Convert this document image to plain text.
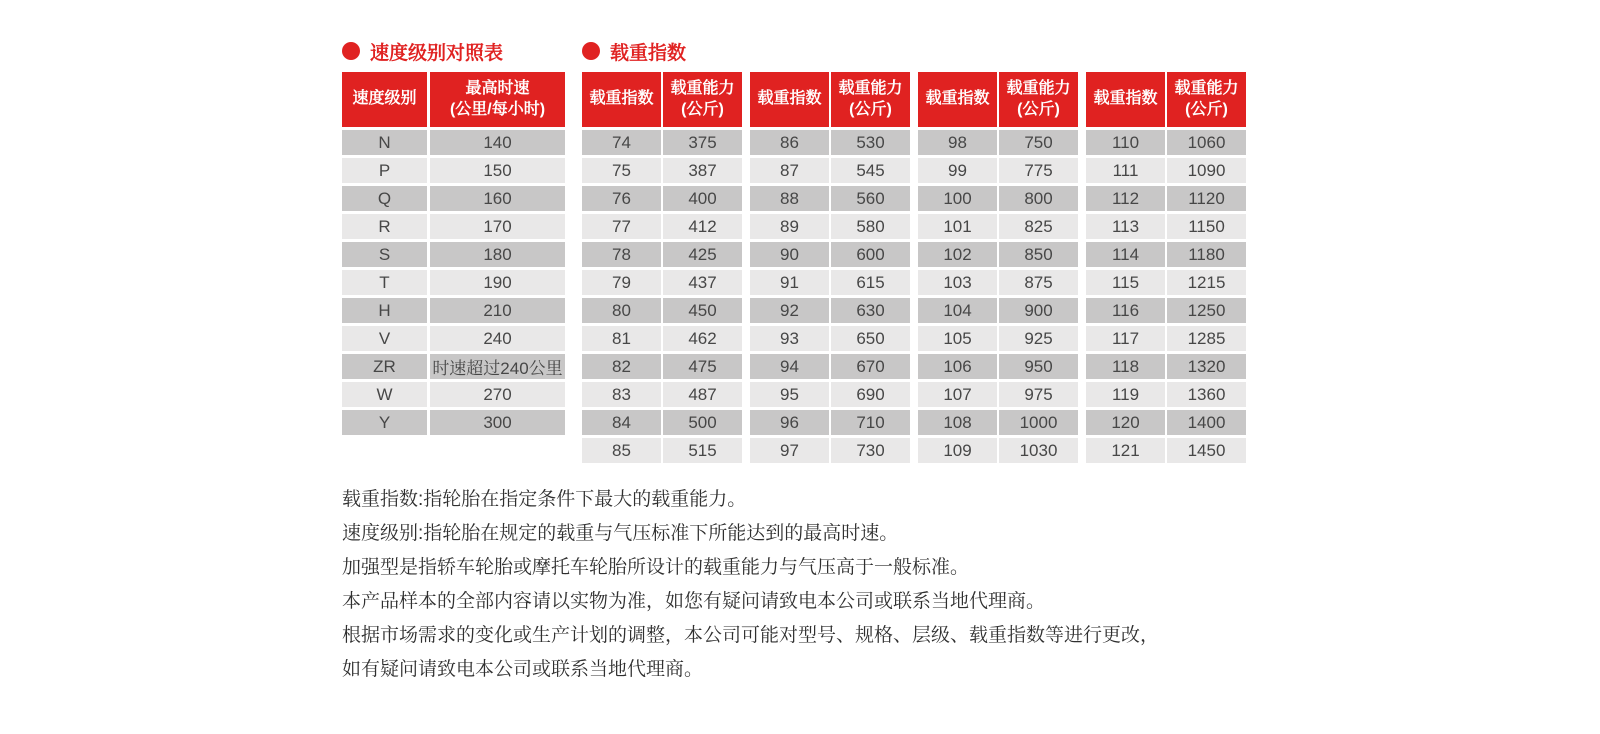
速度级别对照表
速度级别
最高时速
(公里/每小时)
N	140
P	150
Q	160
R	170
S	180
T	190
H	210
V	240
ZR	时速超过240公里
W	270
Y	300
载重指数
载重指数
载重能力
(公斤)
74	375
75	387
76	400
77	412
78	425
79	437
80	450
81	462
82	475
83	487
84	500
85	515
载重指数
载重能力
(公斤)
86	530
87	545
88	560
89	580
90	600
91	615
92	630
93	650
94	670
95	690
96	710
97	730
载重指数
载重能力
(公斤)
98	750
99	775
100	800
101	825
102	850
103	875
104	900
105	925
106	950
107	975
108	1000
109	1030
载重指数
载重能力
(公斤)
110	1060
111	1090
112	1120
113	1150
114	1180
115	1215
116	1250
117	1285
118	1320
119	1360
120	1400
121	1450
载重指数:指轮胎在指定条件下最大的载重能力。
速度级别:指轮胎在规定的载重与气压标准下所能达到的最高时速。
加强型是指轿车轮胎或摩托车轮胎所设计的载重能力与气压高于一般标准。
本产品样本的全部内容请以实物为准，如您有疑问请致电本公司或联系当地代理商。
根据市场需求的变化或生产计划的调整，本公司可能对型号、规格、层级、载重指数等进行更改，
如有疑问请致电本公司或联系当地代理商。
